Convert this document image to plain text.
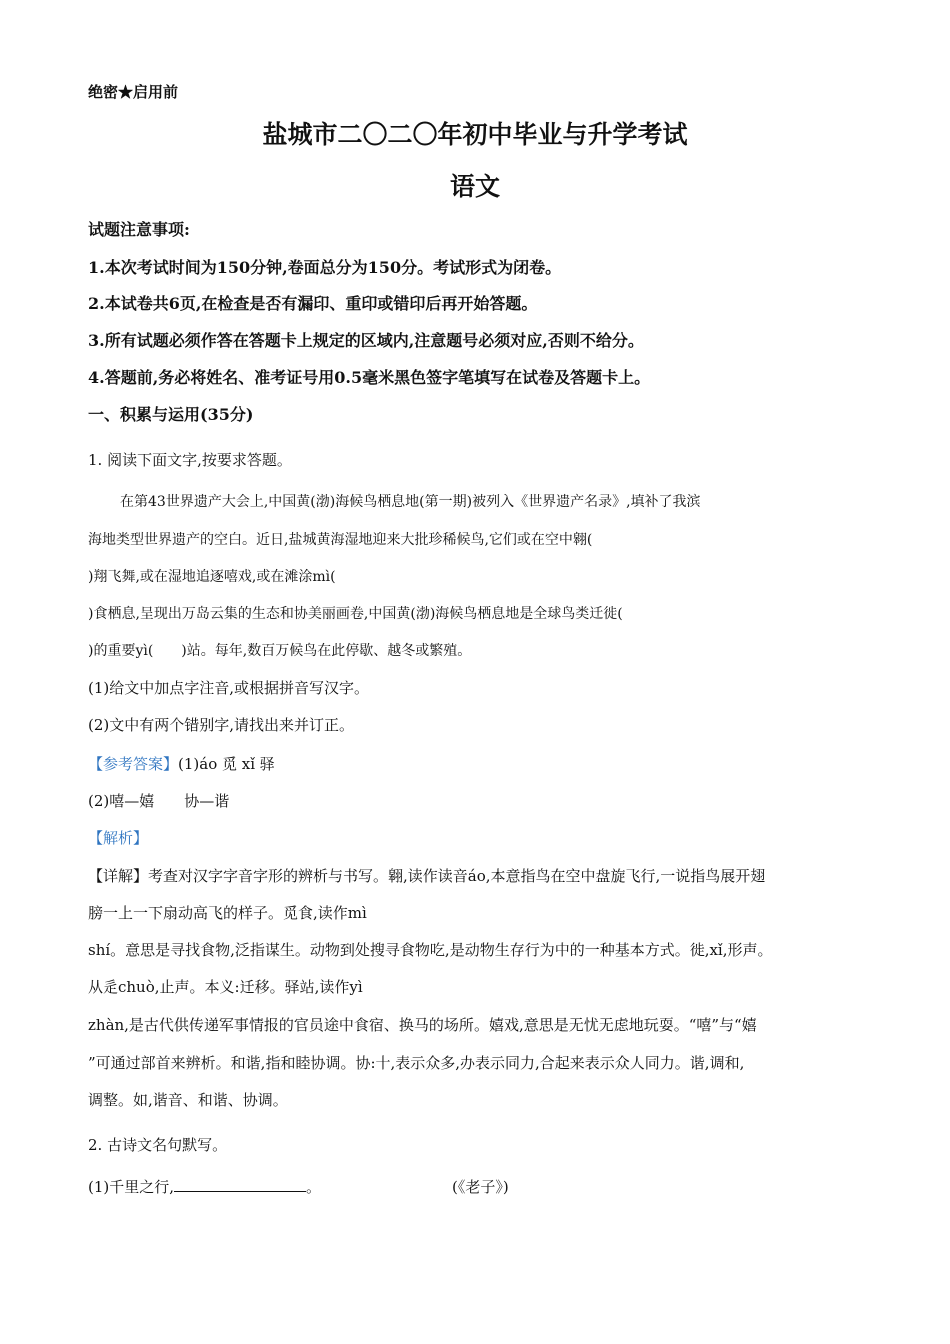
绝密★启用前
盐城市二〇二〇年初中毕业与升学考试
语文
试题注意事项:
1.本次考试时间为150分钟,卷面总分为150分。考试形式为闭卷。
2.本试卷共6页,在检查是否有漏印、重印或错印后再开始答题。
3.所有试题必须作答在答题卡上规定的区域内,注意题号必须对应,否则不给分。
4.答题前,务必将姓名、准考证号用0.5毫米黑色签字笔填写在试卷及答题卡上。
一、积累与运用(35分)
1. 阅读下面文字,按要求答题。
在第43世界遗产大会上,中国黄(渤)海候鸟栖息地(第一期)被列入《世界遗产名录》,填补了我滨
海地类型世界遗产的空白。近日,盐城黄海湿地迎来大批珍稀候鸟,它们或在空中翱(
)翔飞舞,或在湿地追逐嘻戏,或在滩涂mì(
)食栖息,呈现出万岛云集的生态和协美丽画卷,中国黄(渤)海候鸟栖息地是全球鸟类迁徙(
)的重要yì(　　)站。每年,数百万候鸟在此停歇、越冬或繁殖。
(1)给文中加点字注音,或根据拼音写汉字。
(2)文中有两个错别字,请找出来并订正。
【参考答案】(1)áo 觅 xǐ 驿
(2)嘻—嬉　　协—谐
【解析】
【详解】考查对汉字字音字形的辨析与书写。翱,读作读音áo,本意指鸟在空中盘旋飞行,一说指鸟展开翅
膀一上一下扇动高飞的样子。觅食,读作mì
shí。意思是寻找食物,泛指谋生。动物到处搜寻食物吃,是动物生存行为中的一种基本方式。徙,xǐ,形声。
从辵chuò,止声。本义:迁移。驿站,读作yì
zhàn,是古代供传递军事情报的官员途中食宿、换马的场所。嬉戏,意思是无忧无虑地玩耍。“嘻”与“嬉
”可通过部首来辨析。和谐,指和睦协调。协:十,表示众多,办表示同力,合起来表示众人同力。谐,调和,
调整。如,谐音、和谐、协调。
2. 古诗文名句默写。
(1)千里之行,	。	(《老子》)
